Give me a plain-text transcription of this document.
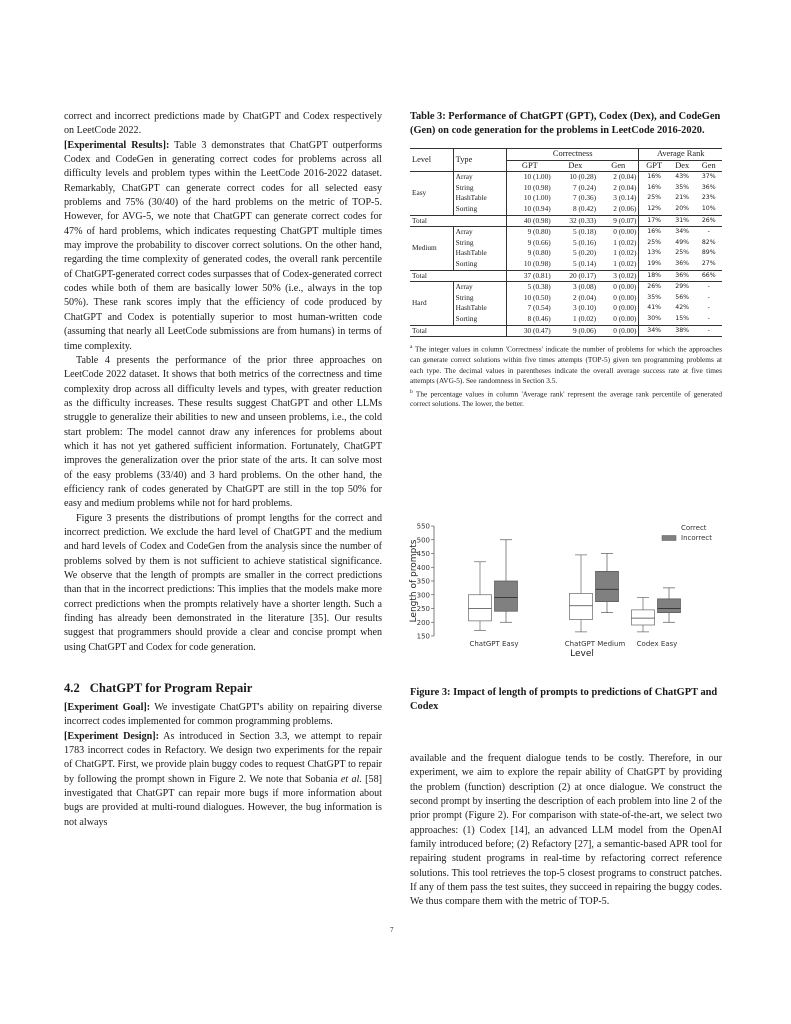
correct and incorrect predictions made by ChatGPT and Codex respectively on LeetCode 2022.

[Experimental Results]: Table 3 demonstrates that ChatGPT outperforms Codex and CodeGen in generating correct codes for problems across all difficulty levels and problem types within the LeetCode 2016-2022 dataset. Remarkably, ChatGPT can generate correct codes for all selected easy problems and 75% (30/40) of the hard problems on the metric of TOP-5. However, for AVG-5, we note that ChatGPT can generate correct codes for 47% of hard problems, which indicates requesting ChatGPT multiple times may improve the probability to discover correct solutions. On the other hand, regarding the time complexity of generated codes, the overall rank percentile of ChatGPT-generated correct codes surpasses that of Codex-generated correct codes while both of them are basically lower 50% (i.e., always in the top 50%). These rank scores imply that the efficiency of code produced by ChatGPT and Codex is potentially superior to most human-written code (assuming that nearly all LeetCode submissions are from humans) in terms of time complexity.

Table 4 presents the performance of the prior three approaches on LeetCode 2022 dataset. It shows that both metrics of the correctness and time complexity drop across all difficulty levels and types, with greater reduction as the difficulty increases. These results suggest ChatGPT and other LLMs struggle to generalize their abilities to new and unseen problems, i.e., the cold start problem: The model cannot draw any inferences for problems about which it has not yet gathered sufficient information. Fortunately, ChatGPT improves the generalization over the prior state of the arts. It can solve most of the easy problems (33/40) and 3 hard problems. On the other hand, the efficiency rank of codes generated by ChatGPT are still in the top 50% for easy and medium problems while not for hard problems.

Figure 3 presents the distributions of prompt lengths for the correct and incorrect prediction. We exclude the hard level of ChatGPT and the medium and hard levels of Codex and CodeGen from the analysis since the number of problems solved by them is not sufficient to achieve statistical significance. We observe that the length of prompts are smaller in the correct predictions than that in the incorrect predictions: This implies that the models make more correct predictions when the prompts relatively have a shorter length. Such a finding has already been demonstrated in the literature [35]. Our results suggest that programmers should provide a clear and concise prompt when using ChatGPT and Codex for code generation.

4.2 ChatGPT for Program Repair

[Experiment Goal]: We investigate ChatGPT's ability on repairing diverse incorrect codes implemented for common programming problems.

[Experiment Design]: As introduced in Section 3.3, we attempt to repair 1783 incorrect codes in Refactory. We design two experiments for the repair of ChatGPT. First, we provide plain buggy codes to request ChatGPT to repair by following the prompt shown in Figure 2. We note that Sobania et al. [58] investigated that ChatGPT can repair more bugs if more information about bugs are provided at multi-round dialogues. However, the bug information is not always

Table 3: Performance of ChatGPT (GPT), Codex (Dex), and CodeGen (Gen) on code generation for the problems in LeetCode 2016-2020.

Level	Type	Correctness			Average Rank		
		GPT	Dex	Gen	GPT	Dex	Gen
Easy	Array	10 (1.00)	10 (0.28)	2 (0.04)	16%	43%	37%
	String	10 (0.98)	7 (0.24)	2 (0.04)	16%	35%	36%
	HashTable	10 (1.00)	7 (0.36)	3 (0.14)	25%	21%	23%
	Sorting	10 (0.94)	8 (0.42)	2 (0.06)	12%	20%	10%
Total		40 (0.98)	32 (0.33)	9 (0.07)	17%	31%	26%
Medium	Array	9 (0.80)	5 (0.18)	0 (0.00)	16%	34%	-
	String	9 (0.66)	5 (0.16)	1 (0.02)	25%	49%	82%
	HashTable	9 (0.80)	5 (0.20)	1 (0.02)	13%	25%	89%
	Sorting	10 (0.98)	5 (0.14)	1 (0.02)	19%	36%	27%
Total		37 (0.81)	20 (0.17)	3 (0.02)	18%	36%	66%
Hard	Array	5 (0.38)	3 (0.08)	0 (0.00)	26%	29%	-
	String	10 (0.50)	2 (0.04)	0 (0.00)	35%	56%	-
	HashTable	7 (0.54)	3 (0.10)	0 (0.00)	41%	42%	-
	Sorting	8 (0.46)	1 (0.02)	0 (0.00)	30%	15%	-
Total		30 (0.47)	9 (0.06)	0 (0.00)	34%	38%	-

$^a$ The integer values in column 'Correctness' indicate the number of problems for which the approaches can generate correct solutions within five times attempts (TOP-5) given ten programming problems at each type. The decimal values in parentheses indicate the overall average success rate at five times attempts (AVG-5). See randomness in Section 3.5.

$^b$ The percentage values in column 'Average rank' represent the average rank percentile of generated correct solutions. The lower, the better.

150
200
250
300
350
400
450
500
550
Length of prompts
ChatGPT Easy	ChatGPT Medium Codex Easy
Level
Correct
Incorrect

Figure 3: Impact of length of prompts to predictions of ChatGPT and Codex

available and the frequent dialogue tends to be costly. Therefore, in our experiment, we aim to explore the repair ability of ChatGPT by providing the problem (function) description (2) at once dialogue. We construct the second prompt by inserting the description of each problem into line 2 of the prior prompt (Figure 2). For comparison with state-of-the-art, we select two approaches: (1) Codex [14], an advanced LLM model from the OpenAI family introduced before; (2) Refactory [27], a semantic-based APR tool for repairing student programs in real-time by refactoring correct reference solutions. This tool retrieves the top-5 closest programs to construct patches. If any of them pass the test suites, they succeed in repairing the buggy codes. We thus compare them with the metric of TOP-5.

7
